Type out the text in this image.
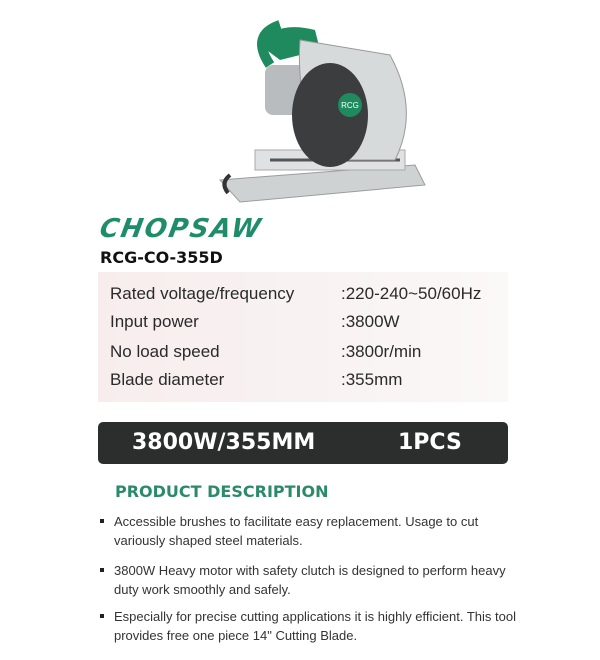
RCG
CHOPSAW
RCG-CO-355D
Rated voltage/frequency	:220-240~50/60Hz
Input power	:3800W
No load speed	:3800r/min
Blade diameter	:355mm
3800W/355MM	1PCS
PRODUCT DESCRIPTION
Accessible brushes to facilitate easy replacement. Usage to cut variously shaped steel materials.
3800W Heavy motor with safety clutch is designed to perform heavy duty work smoothly and safely.
Especially for precise cutting applications it is highly efficient. This tool provides free one piece 14" Cutting Blade.
